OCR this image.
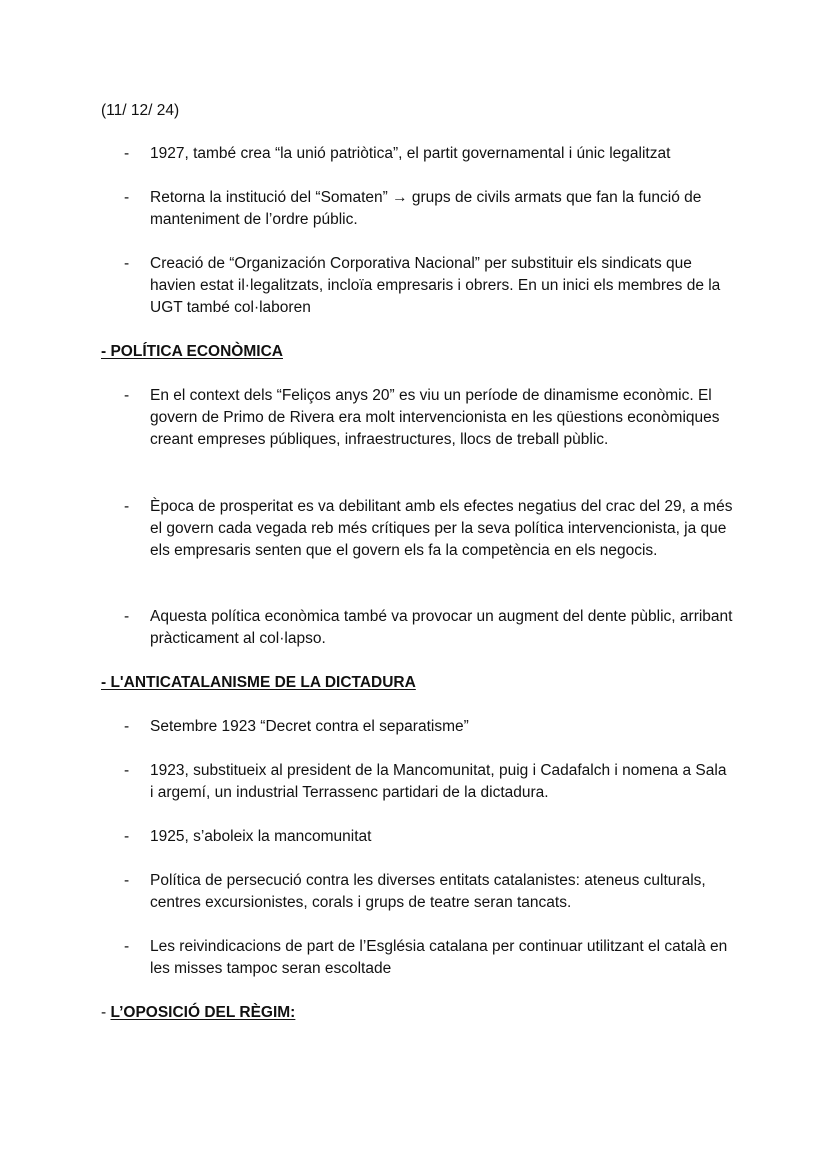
(11/ 12/ 24)
-	1927, també crea “la unió patriòtica”, el partit governamental i únic legalitzat
-	Retorna la institució del “Somaten” → grups de civils armats que fan la funció de manteniment de l’ordre públic.
-	Creació de “Organización Corporativa Nacional” per substituir els sindicats que havien estat il·legalitzats, incloïa empresaris i obrers. En un inici els membres de la UGT també col·laboren
- POLÍTICA ECONÒMICA
-	En el context dels “Feliços anys 20” es viu un període de dinamisme econòmic. El govern de Primo de Rivera era molt intervencionista en les qüestions econòmiques creant empreses públiques, infraestructures, llocs de treball pùblic.
-	Època de prosperitat es va debilitant amb els efectes negatius del crac del 29, a més el govern cada vegada reb més crítiques per la seva política intervencionista, ja que els empresaris senten que el govern els fa la competència en els negocis.
-	Aquesta política econòmica també va provocar un augment del dente pùblic, arribant pràcticament al col·lapso.
- L'ANTICATALANISME DE LA DICTADURA
-	Setembre 1923 “Decret contra el separatisme”
-	1923, substitueix al president de la Mancomunitat, puig i Cadafalch i nomena a Sala i argemí, un industrial Terrassenc partidari de la dictadura.
-	1925, s’aboleix la mancomunitat
-	Política de persecució contra les diverses entitats catalanistes: ateneus culturals, centres excursionistes, corals i grups de teatre seran tancats.
-	Les reivindicacions de part de l’Església catalana per continuar utilitzant el català en les misses tampoc seran escoltade
- L’OPOSICIÓ DEL RÈGIM:
